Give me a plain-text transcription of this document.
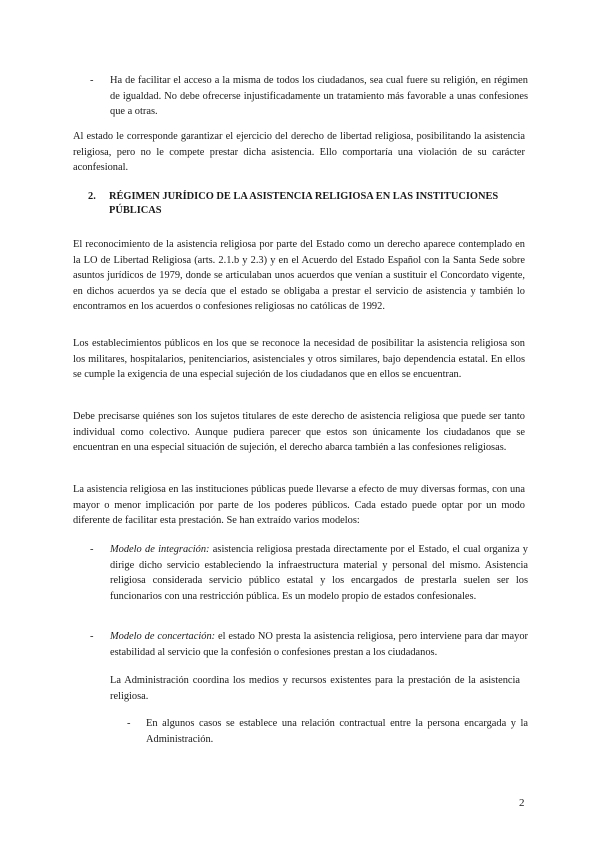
- Ha de facilitar el acceso a la misma de todos los ciudadanos, sea cual fuere su religión, en régimen de igualdad. No debe ofrecerse injustificadamente un tratamiento más favorable a unas confesiones que a otras.

Al estado le corresponde garantizar el ejercicio del derecho de libertad religiosa, posibilitando la asistencia religiosa, pero no le compete prestar dicha asistencia. Ello comportaría una violación de su carácter aconfesional.

2. RÉGIMEN JURÍDICO DE LA ASISTENCIA RELIGIOSA EN LAS INSTITUCIONES PÚBLICAS

El reconocimiento de la asistencia religiosa por parte del Estado como un derecho aparece contemplado en la LO de Libertad Religiosa (arts. 2.1.b y 2.3) y en el Acuerdo del Estado Español con la Santa Sede sobre asuntos jurídicos de 1979, donde se articulaban unos acuerdos que venían a sustituir el Concordato vigente, en dichos acuerdos ya se decía que el estado se obligaba a prestar el servicio de asistencia y también lo encontramos en los acuerdos o confesiones religiosas no católicas de 1992.

Los establecimientos públicos en los que se reconoce la necesidad de posibilitar la asistencia religiosa son los militares, hospitalarios, penitenciarios, asistenciales y otros similares, bajo dependencia estatal. En ellos se cumple la exigencia de una especial sujeción de los ciudadanos que en ellos se encuentran.

Debe precisarse quiénes son los sujetos titulares de este derecho de asistencia religiosa que puede ser tanto individual como colectivo. Aunque pudiera parecer que estos son únicamente los ciudadanos que se encuentran en una especial situación de sujeción, el derecho abarca también a las confesiones religiosas.

La asistencia religiosa en las instituciones públicas puede llevarse a efecto de muy diversas formas, con una mayor o menor implicación por parte de los poderes públicos. Cada estado puede optar por un modo diferente de facilitar esta prestación. Se han extraído varios modelos:

- Modelo de integración: asistencia religiosa prestada directamente por el Estado, el cual organiza y dirige dicho servicio estableciendo la infraestructura material y personal del mismo. Asistencia religiosa considerada servicio público estatal y los encargados de prestarla suelen ser los funcionarios con una restricción pública. Es un modelo propio de estados confesionales.
- Modelo de concertación: el estado NO presta la asistencia religiosa, pero interviene para dar mayor estabilidad al servicio que la confesión o confesiones prestan a los ciudadanos.

La Administración coordina los medios y recursos existentes para la prestación de la asistencia religiosa.

- En algunos casos se establece una relación contractual entre la persona encargada y la Administración.
2
